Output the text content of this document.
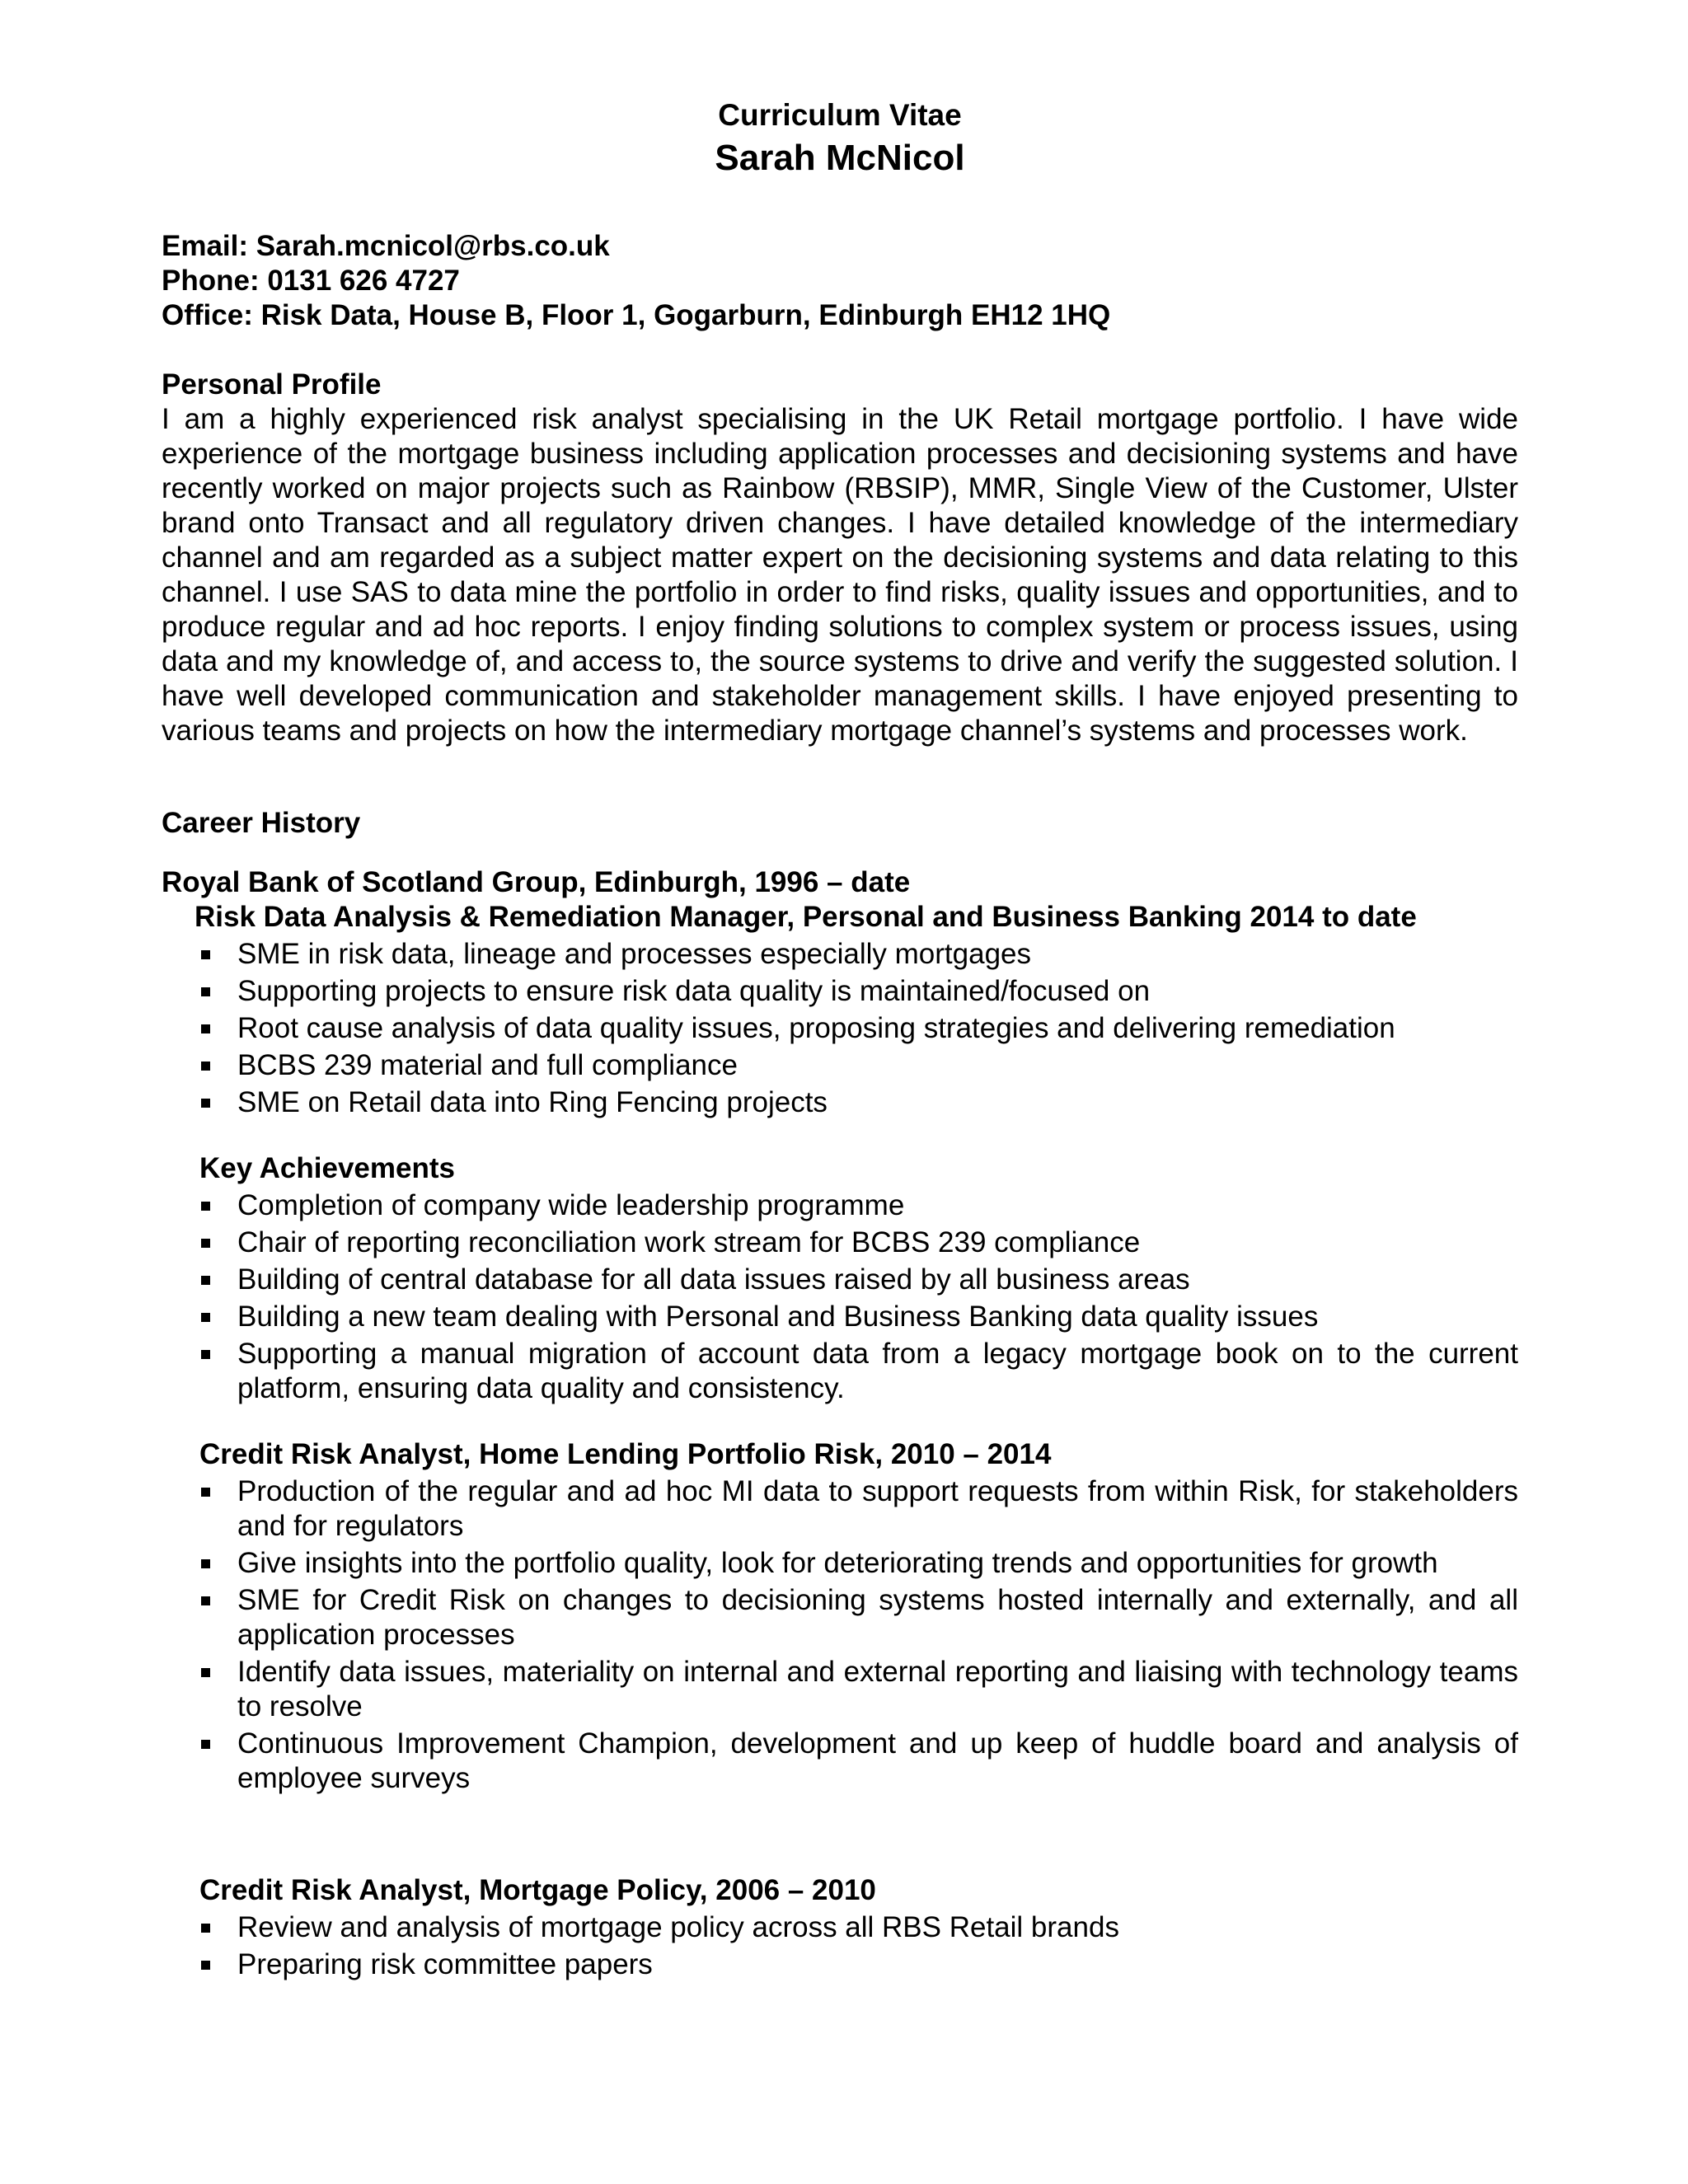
Curriculum Vitae
Sarah McNicol
Email: Sarah.mcnicol@rbs.co.uk
Phone: 0131 626 4727
Office: Risk Data, House B, Floor 1, Gogarburn, Edinburgh EH12 1HQ
Personal Profile

I am a highly experienced risk analyst specialising in the UK Retail mortgage portfolio. I have wide experience of the mortgage business including application processes and decisioning systems and have recently worked on major projects such as Rainbow (RBSIP), MMR, Single View of the Customer, Ulster brand onto Transact and all regulatory driven changes. I have detailed knowledge of the intermediary channel and am regarded as a subject matter expert on the decisioning systems and data relating to this channel. I use SAS to data mine the portfolio in order to find risks, quality issues and opportunities, and to produce regular and ad hoc reports. I enjoy finding solutions to complex system or process issues, using data and my knowledge of, and access to, the source systems to drive and verify the suggested solution. I have well developed communication and stakeholder management skills. I have enjoyed presenting to various teams and projects on how the intermediary mortgage channel’s systems and processes work.

Career History
Royal Bank of Scotland Group, Edinburgh, 1996 – date
Risk Data Analysis & Remediation Manager, Personal and Business Banking 2014 to date
SME in risk data, lineage and processes especially mortgages
Supporting projects to ensure risk data quality is maintained/focused on
Root cause analysis of data quality issues, proposing strategies and delivering remediation
BCBS 239 material and full compliance
SME on Retail data into Ring Fencing projects
Key Achievements
Completion of company wide leadership programme
Chair of reporting reconciliation work stream for BCBS 239 compliance
Building of central database for all data issues raised by all business areas
Building a new team dealing with Personal and Business Banking data quality issues
Supporting a manual migration of account data from a legacy mortgage book on to the current platform, ensuring data quality and consistency.
Credit Risk Analyst, Home Lending Portfolio Risk, 2010 – 2014
Production of the regular and ad hoc MI data to support requests from within Risk, for stakeholders and for regulators
Give insights into the portfolio quality, look for deteriorating trends and opportunities for growth
SME for Credit Risk on changes to decisioning systems hosted internally and externally, and all application processes
Identify data issues, materiality on internal and external reporting and liaising with technology teams to resolve
Continuous Improvement Champion, development and up keep of huddle board and analysis of employee surveys
Credit Risk Analyst, Mortgage Policy, 2006 – 2010
Review and analysis of mortgage policy across all RBS Retail brands
Preparing risk committee papers
